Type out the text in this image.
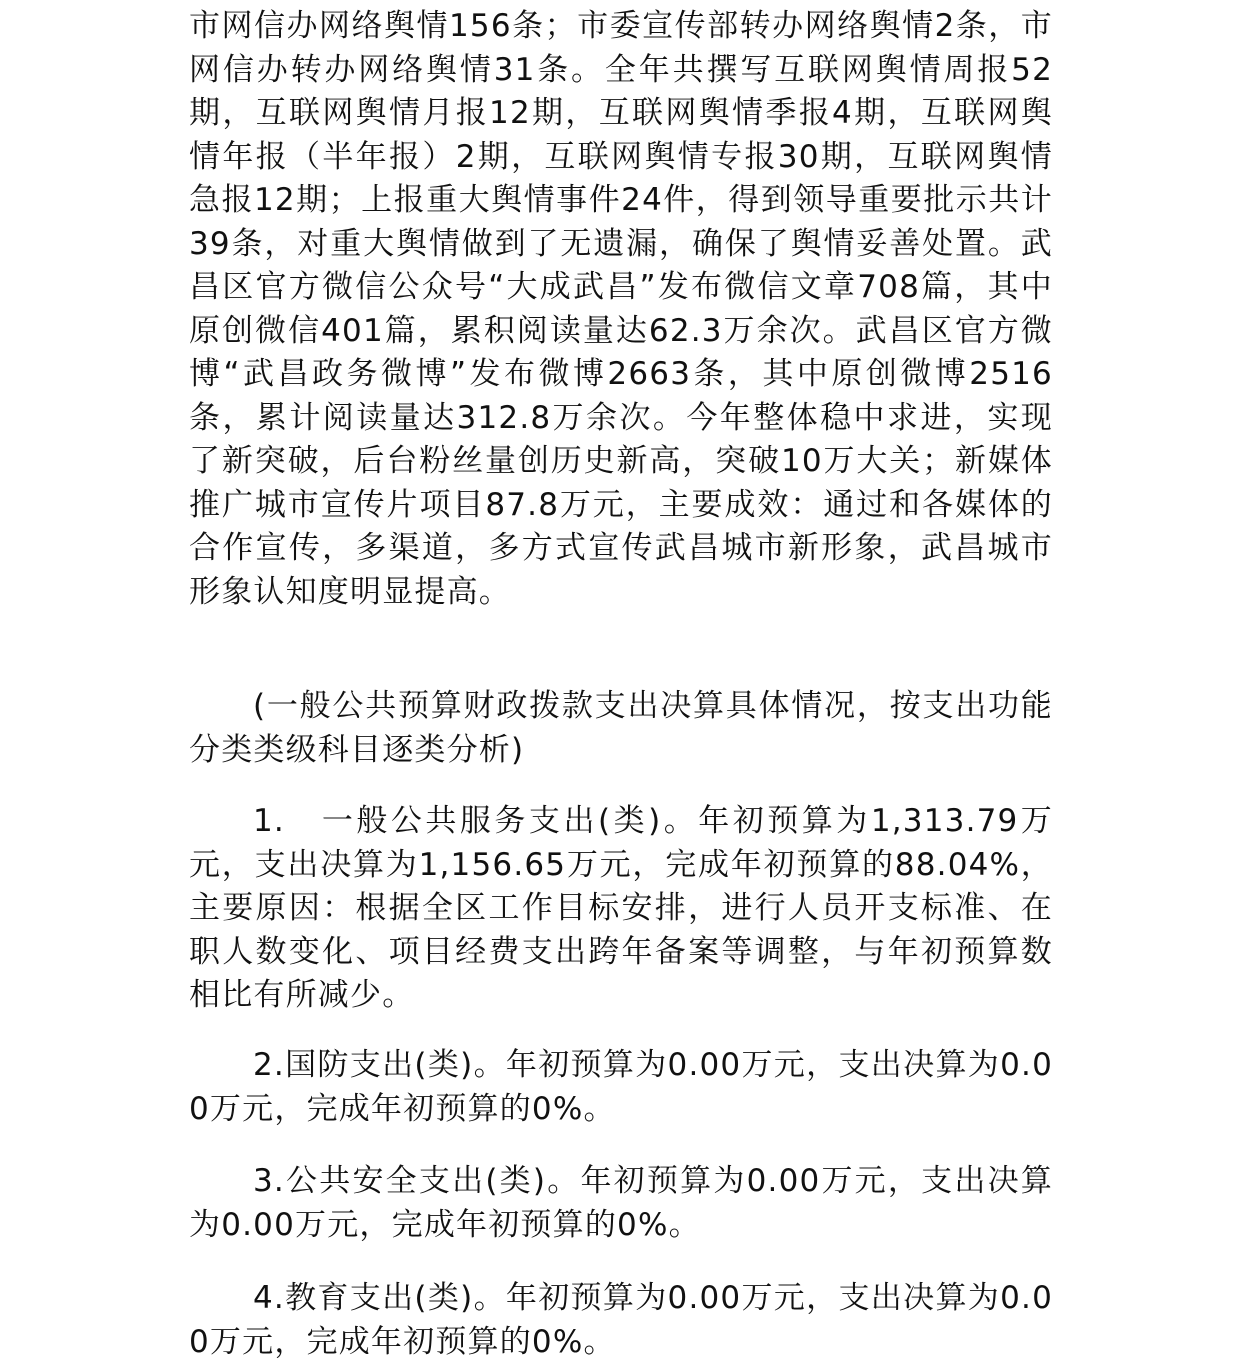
市网信办网络舆情156条；市委宣传部转办网络舆情2条，市网信办转办网络舆情31条。全年共撰写互联网舆情周报52期，互联网舆情月报12期，互联网舆情季报4期，互联网舆情年报（半年报）2期，互联网舆情专报30期，互联网舆情急报12期；上报重大舆情事件24件，得到领导重要批示共计39条，对重大舆情做到了无遗漏，确保了舆情妥善处置。武昌区官方微信公众号“大成武昌”发布微信文章708篇，其中原创微信401篇，累积阅读量达62.3万余次。武昌区官方微博“武昌政务微博”发布微博2663条，其中原创微博2516条，累计阅读量达312.8万余次。今年整体稳中求进，实现了新突破，后台粉丝量创历史新高，突破10万大关；新媒体推广城市宣传片项目87.8万元，主要成效：通过和各媒体的合作宣传，多渠道，多方式宣传武昌城市新形象，武昌城市形象认知度明显提高。

(一般公共预算财政拨款支出决算具体情况，按支出功能分类类级科目逐类分析)

1.　一般公共服务支出(类)。年初预算为1,313.79万元，支出决算为1,156.65万元，完成年初预算的88.04%，主要原因：根据全区工作目标安排，进行人员开支标准、在职人数变化、项目经费支出跨年备案等调整，与年初预算数相比有所减少。

2.国防支出(类)。年初预算为0.00万元，支出决算为0.00万元，完成年初预算的0%。

3.公共安全支出(类)。年初预算为0.00万元，支出决算为0.00万元，完成年初预算的0%。

4.教育支出(类)。年初预算为0.00万元，支出决算为0.00万元，完成年初预算的0%。
